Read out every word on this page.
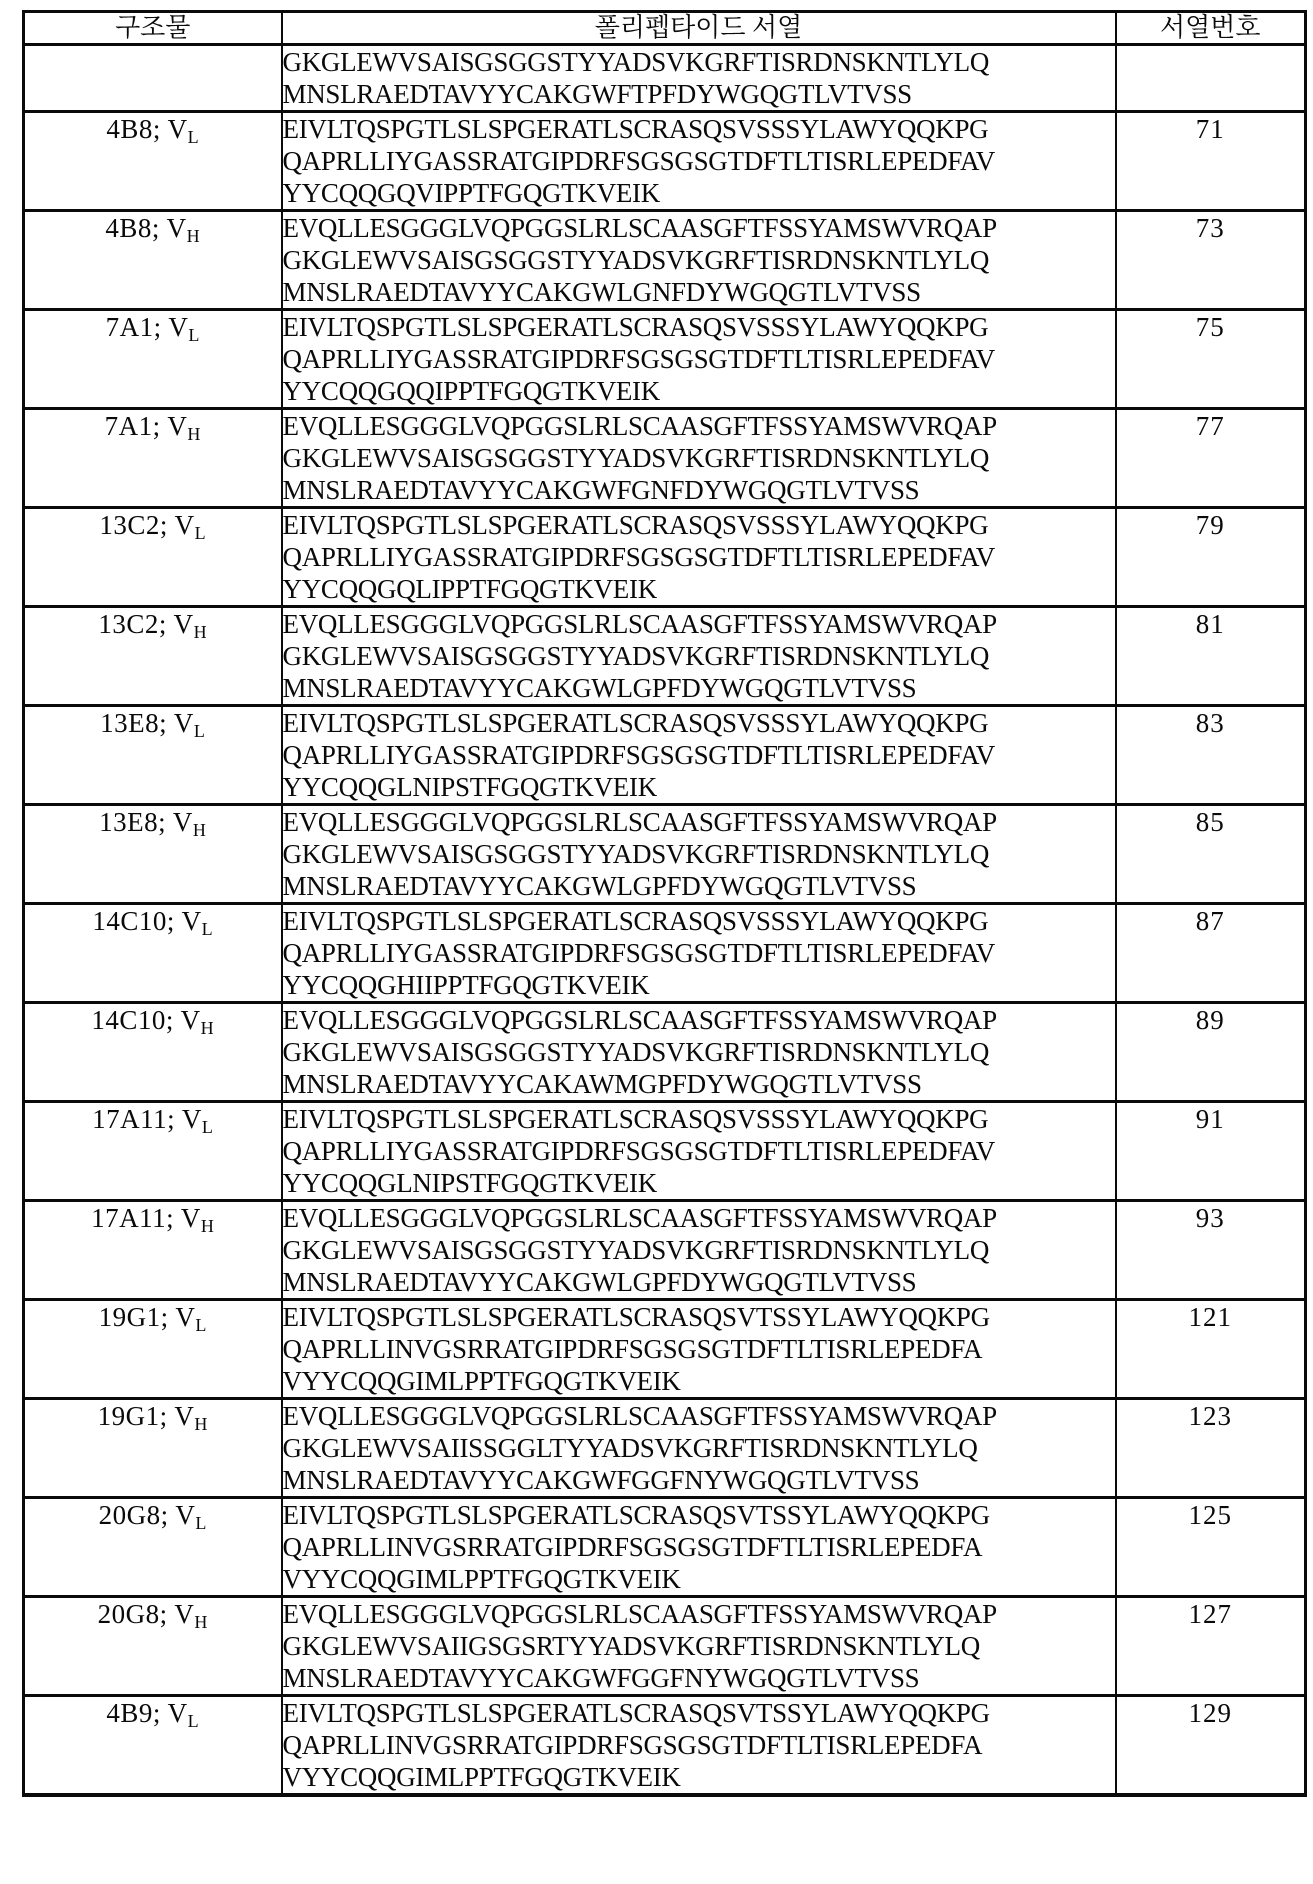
구조물	폴리펩타이드 서열	서열번호

	GKGLEWVSAISGSGGSTYYADSVKGRFTISRDNSKNTLYLQ
MNSLRAEDTAVYYCAKGWFTPFDYWGQGTLVTVSS	

4B8; $V_L$	EIVLTQSPGTLSLSPGERATLSCRASQSVSSSYLAWYQQKPG
QAPRLLIYGASSRATGIPDRFSGSGSGTDFTLTISRLEPEDFAV
YYCQQGQVIPPTFGQGTKVEIK	71
4B8; $V_H$	EVQLLESGGGLVQPGGSLRLSCAASGFTFSSYAMSWVRQAP
GKGLEWVSAISGSGGSTYYADSVKGRFTISRDNSKNTLYLQ
MNSLRAEDTAVYYCAKGWLGNFDYWGQGTLVTVSS	73
7A1; $V_L$	EIVLTQSPGTLSLSPGERATLSCRASQSVSSSYLAWYQQKPG
QAPRLLIYGASSRATGIPDRFSGSGSGTDFTLTISRLEPEDFAV
YYCQQGQQIPPTFGQGTKVEIK	75
7A1; $V_H$	EVQLLESGGGLVQPGGSLRLSCAASGFTFSSYAMSWVRQAP
GKGLEWVSAISGSGGSTYYADSVKGRFTISRDNSKNTLYLQ
MNSLRAEDTAVYYCAKGWFGNFDYWGQGTLVTVSS	77
13C2; $V_L$	EIVLTQSPGTLSLSPGERATLSCRASQSVSSSYLAWYQQKPG
QAPRLLIYGASSRATGIPDRFSGSGSGTDFTLTISRLEPEDFAV
YYCQQGQLIPPTFGQGTKVEIK	79
13C2; $V_H$	EVQLLESGGGLVQPGGSLRLSCAASGFTFSSYAMSWVRQAP
GKGLEWVSAISGSGGSTYYADSVKGRFTISRDNSKNTLYLQ
MNSLRAEDTAVYYCAKGWLGPFDYWGQGTLVTVSS	81
13E8; $V_L$	EIVLTQSPGTLSLSPGERATLSCRASQSVSSSYLAWYQQKPG
QAPRLLIYGASSRATGIPDRFSGSGSGTDFTLTISRLEPEDFAV
YYCQQGLNIPSTFGQGTKVEIK	83
13E8; $V_H$	EVQLLESGGGLVQPGGSLRLSCAASGFTFSSYAMSWVRQAP
GKGLEWVSAISGSGGSTYYADSVKGRFTISRDNSKNTLYLQ
MNSLRAEDTAVYYCAKGWLGPFDYWGQGTLVTVSS	85
14C10; $V_L$	EIVLTQSPGTLSLSPGERATLSCRASQSVSSSYLAWYQQKPG
QAPRLLIYGASSRATGIPDRFSGSGSGTDFTLTISRLEPEDFAV
YYCQQGHIIPPTFGQGTKVEIK	87
14C10; $V_H$	EVQLLESGGGLVQPGGSLRLSCAASGFTFSSYAMSWVRQAP
GKGLEWVSAISGSGGSTYYADSVKGRFTISRDNSKNTLYLQ
MNSLRAEDTAVYYCAKAWMGPFDYWGQGTLVTVSS	89
17A11; $V_L$	EIVLTQSPGTLSLSPGERATLSCRASQSVSSSYLAWYQQKPG
QAPRLLIYGASSRATGIPDRFSGSGSGTDFTLTISRLEPEDFAV
YYCQQGLNIPSTFGQGTKVEIK	91
17A11; $V_H$	EVQLLESGGGLVQPGGSLRLSCAASGFTFSSYAMSWVRQAP
GKGLEWVSAISGSGGSTYYADSVKGRFTISRDNSKNTLYLQ
MNSLRAEDTAVYYCAKGWLGPFDYWGQGTLVTVSS	93
19G1; $V_L$	EIVLTQSPGTLSLSPGERATLSCRASQSVTSSYLAWYQQKPG
QAPRLLINVGSRRATGIPDRFSGSGSGTDFTLTISRLEPEDFA
VYYCQQGIMLPPTFGQGTKVEIK	121
19G1; $V_H$	EVQLLESGGGLVQPGGSLRLSCAASGFTFSSYAMSWVRQAP
GKGLEWVSAIISSGGLTYYADSVKGRFTISRDNSKNTLYLQ
MNSLRAEDTAVYYCAKGWFGGFNYWGQGTLVTVSS	123
20G8; $V_L$	EIVLTQSPGTLSLSPGERATLSCRASQSVTSSYLAWYQQKPG
QAPRLLINVGSRRATGIPDRFSGSGSGTDFTLTISRLEPEDFA
VYYCQQGIMLPPTFGQGTKVEIK	125
20G8; $V_H$	EVQLLESGGGLVQPGGSLRLSCAASGFTFSSYAMSWVRQAP
GKGLEWVSAIIGSGSRTYYADSVKGRFTISRDNSKNTLYLQ
MNSLRAEDTAVYYCAKGWFGGFNYWGQGTLVTVSS	127
4B9; $V_L$	EIVLTQSPGTLSLSPGERATLSCRASQSVTSSYLAWYQQKPG
QAPRLLINVGSRRATGIPDRFSGSGSGTDFTLTISRLEPEDFA
VYYCQQGIMLPPTFGQGTKVEIK	129
